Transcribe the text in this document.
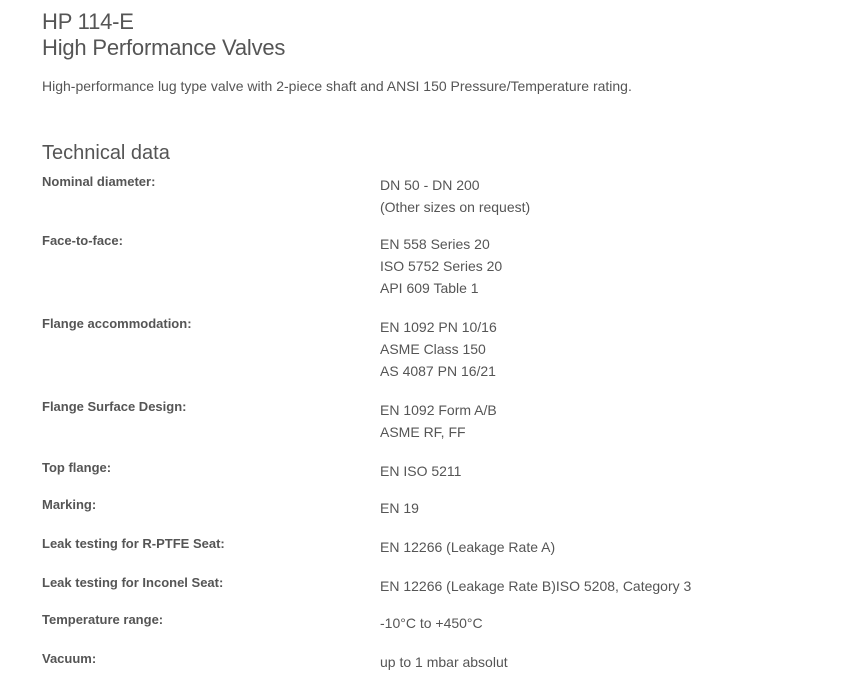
HP 114-E
High Performance Valves

High-performance lug type valve with 2-piece shaft and ANSI 150 Pressure/Temperature rating.

Technical data
Nominal diameter:	DN 50 - DN 200
(Other sizes on request)
Face-to-face:	EN 558 Series 20
ISO 5752 Series 20
API 609 Table 1
Flange accommodation:	EN 1092 PN 10/16
ASME Class 150
AS 4087 PN 16/21
Flange Surface Design:	EN 1092 Form A/B
ASME RF, FF
Top flange:	EN ISO 5211
Marking:	EN 19
Leak testing for R-PTFE Seat:	EN 12266 (Leakage Rate A)
Leak testing for Inconel Seat:	EN 12266 (Leakage Rate B)ISO 5208, Category 3
Temperature range:	-10°C to +450°C
Vacuum:	up to 1 mbar absolut
